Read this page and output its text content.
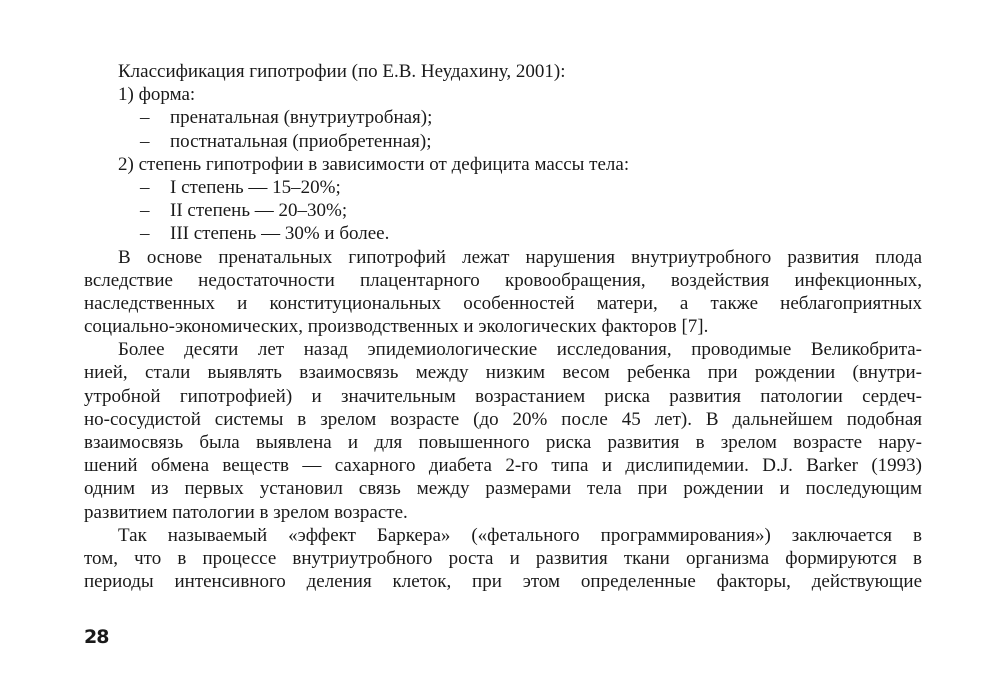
Классификация гипотрофии (по Е.В. Неудахину, 2001):
1) форма:
– пренатальная (внутриутробная);
– постнатальная (приобретенная);
2) степень гипотрофии в зависимости от дефицита массы тела:
– I степень — 15–20%;
– II степень — 20–30%;
– III степень — 30% и более.
В основе пренатальных гипотрофий лежат нарушения внутриутробного развития плода
вследствие недостаточности плацентарного кровообращения, воздействия инфекционных,
наследственных и конституциональных особенностей матери, а также неблагоприятных
социально-экономических, производственных и экологических факторов [7].
Более десяти лет назад эпидемиологические исследования, проводимые Великобрита-
нией, стали выявлять взаимосвязь между низким весом ребенка при рождении (внутри-
утробной гипотрофией) и значительным возрастанием риска развития патологии сердеч-
но-сосудистой системы в зрелом возрасте (до 20% после 45 лет). В дальнейшем подобная
взаимосвязь была выявлена и для повышенного риска развития в зрелом возрасте нару-
шений обмена веществ — сахарного диабета 2-го типа и дислипидемии. D.J. Barker (1993)
одним из первых установил связь между размерами тела при рождении и последующим
развитием патологии в зрелом возрасте.
Так называемый «эффект Баркера» («фетального программирования») заключается в
том, что в процессе внутриутробного роста и развития ткани организма формируются в
периоды интенсивного деления клеток, при этом определенные факторы, действующие
28
